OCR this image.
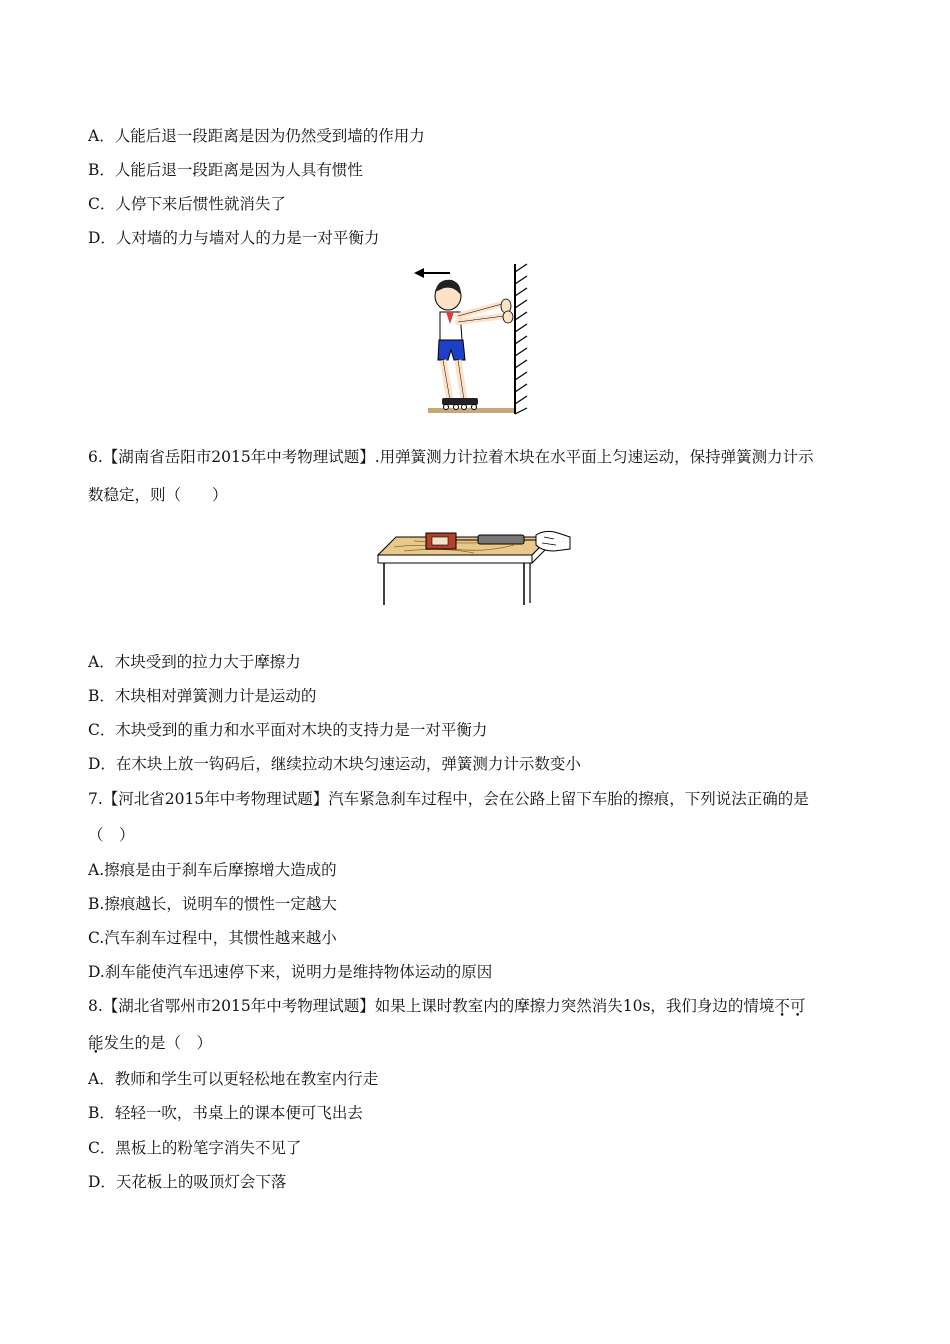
A．人能后退一段距离是因为仍然受到墙的作用力
B．人能后退一段距离是因为人具有惯性
C．人停下来后惯性就消失了
D．人对墙的力与墙对人的力是一对平衡力
6.【湖南省岳阳市2015年中考物理试题】.用弹簧测力计拉着木块在水平面上匀速运动，保持弹簧测力计示
数稳定，则（　　）
A．木块受到的拉力大于摩擦力
B．木块相对弹簧测力计是运动的
C．木块受到的重力和水平面对木块的支持力是一对平衡力
D．在木块上放一钩码后，继续拉动木块匀速运动，弹簧测力计示数变小
7.【河北省2015年中考物理试题】汽车紧急刹车过程中，会在公路上留下车胎的擦痕，下列说法正确的是
（　）
A.擦痕是由于刹车后摩擦增大造成的
B.擦痕越长，说明车的惯性一定越大
C.汽车刹车过程中，其惯性越来越小
D.刹车能使汽车迅速停下来，说明力是维持物体运动的原因
8.【湖北省鄂州市2015年中考物理试题】如果上课时教室内的摩擦力突然消失10s，我们身边的情境不可
能发生的是（　）
A．教师和学生可以更轻松地在教室内行走
B．轻轻一吹，书桌上的课本便可飞出去
C．黑板上的粉笔字消失不见了
D．天花板上的吸顶灯会下落
